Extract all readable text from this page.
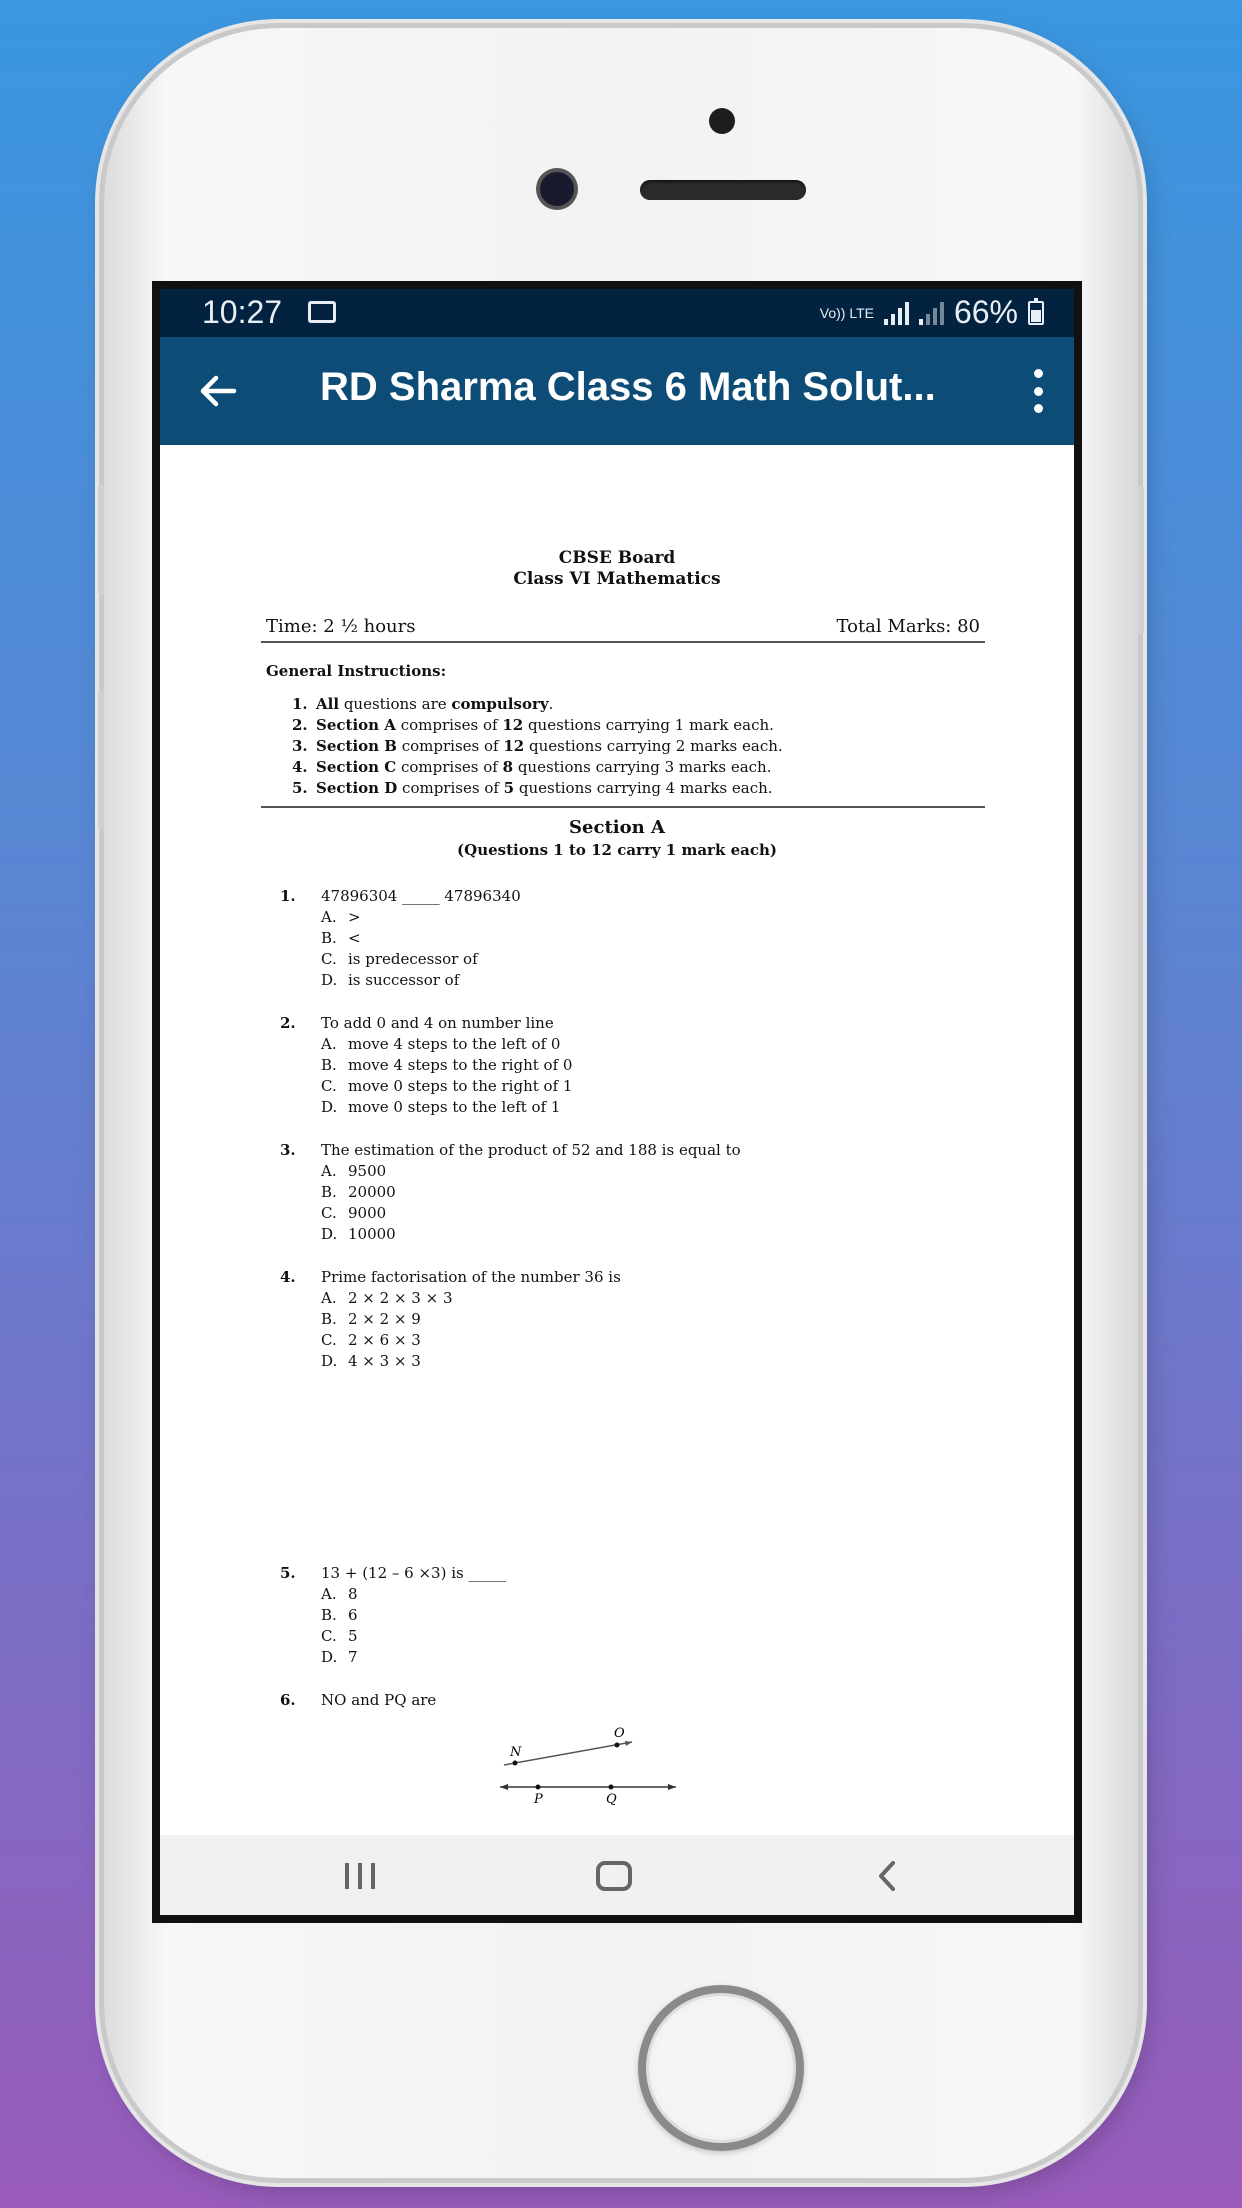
10:27	Vo)) LTE	66%
RD Sharma Class 6 Math Solut...
CBSE Board
Class VI Mathematics
Time: 2 ½ hours	Total Marks: 80
General Instructions:
1. All questions are compulsory.
2. Section A comprises of 12 questions carrying 1 mark each.
3. Section B comprises of 12 questions carrying 2 marks each.
4. Section C comprises of 8 questions carrying 3 marks each.
5. Section D comprises of 5 questions carrying 4 marks each.
Section A
(Questions 1 to 12 carry 1 mark each)
1. 47896304 _____ 47896340
A. >
B. <
C. is predecessor of
D. is successor of
2. To add 0 and 4 on number line
A. move 4 steps to the left of 0
B. move 4 steps to the right of 0
C. move 0 steps to the right of 1
D. move 0 steps to the left of 1
3. The estimation of the product of 52 and 188 is equal to
A. 9500
B. 20000
C. 9000
D. 10000
4. Prime factorisation of the number 36 is
A. 2 × 2 × 3 × 3
B. 2 × 2 × 9
C. 2 × 6 × 3
D. 4 × 3 × 3
5. 13 + (12 – 6 ×3) is _____
A. 8
B. 6
C. 5
D. 7
6. NO and PQ are
N
O
P	Q
